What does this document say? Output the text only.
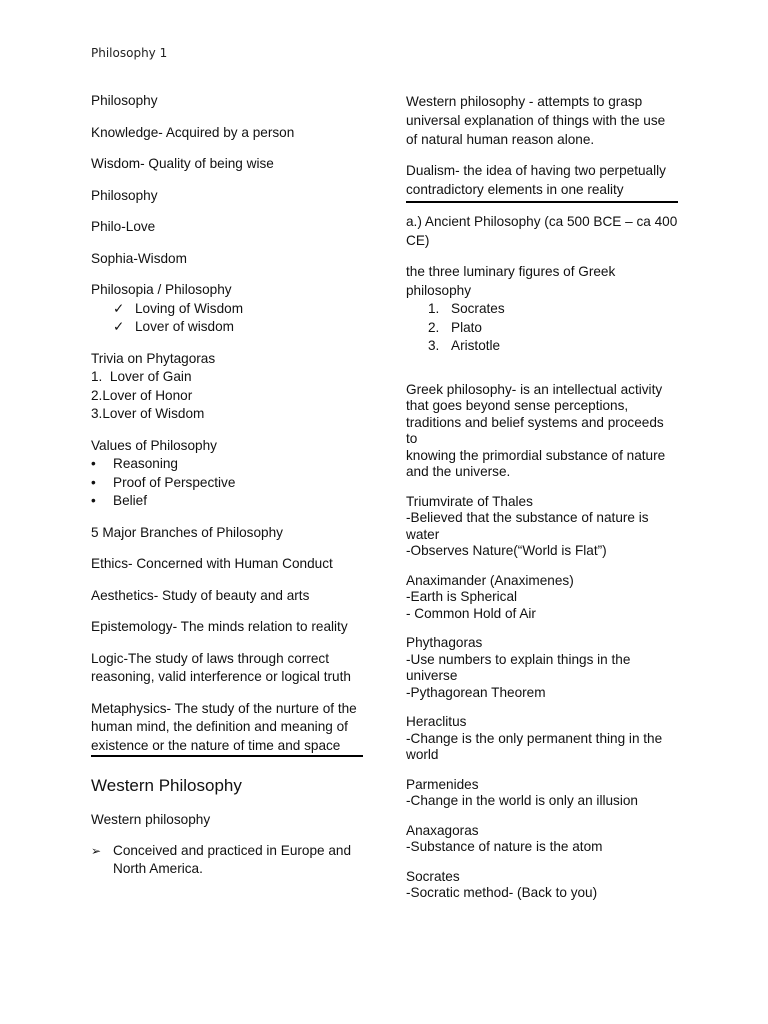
Philosophy 1
Philosophy
Knowledge- Acquired by a person
Wisdom- Quality of being wise
Philosophy
Philo-Love
Sophia-Wisdom
Philosopia / Philosophy
✓ Loving of Wisdom
✓ Lover of wisdom
Trivia on Phytagoras
1.  Lover of Gain
2.Lover of Honor
3.Lover of Wisdom
Values of Philosophy
• Reasoning
• Proof of Perspective
• Belief
5 Major Branches of Philosophy
Ethics- Concerned with Human Conduct
Aesthetics- Study of beauty and arts
Epistemology- The minds relation to reality
Logic-The study of laws through correct reasoning, valid interference or logical truth
Metaphysics- The study of the nurture of the human mind, the definition and meaning of existence or the nature of time and space
Western Philosophy
Western philosophy
➢ Conceived and practiced in Europe and North America.
Western philosophy - attempts to grasp universal explanation of things with the use of natural human reason alone.
Dualism- the idea of having two perpetually contradictory elements in one reality
a.) Ancient Philosophy (ca 500 BCE – ca 400 CE)
the three luminary figures of Greek philosophy
1. Socrates
2. Plato
3. Aristotle
Greek philosophy- is an intellectual activity that goes beyond sense perceptions,
traditions and belief systems and proceeds to
knowing the primordial substance of nature and the universe.
Triumvirate of Thales
-Believed that the substance of nature is water
-Observes Nature(“World is Flat”)
Anaximander (Anaximenes)
-Earth is Spherical
- Common Hold of Air
Phythagoras
-Use numbers to explain things in the universe
-Pythagorean Theorem
Heraclitus
-Change is the only permanent thing in the world
Parmenides
-Change in the world is only an illusion
Anaxagoras
-Substance of nature is the atom
Socrates
-Socratic method- (Back to you)
